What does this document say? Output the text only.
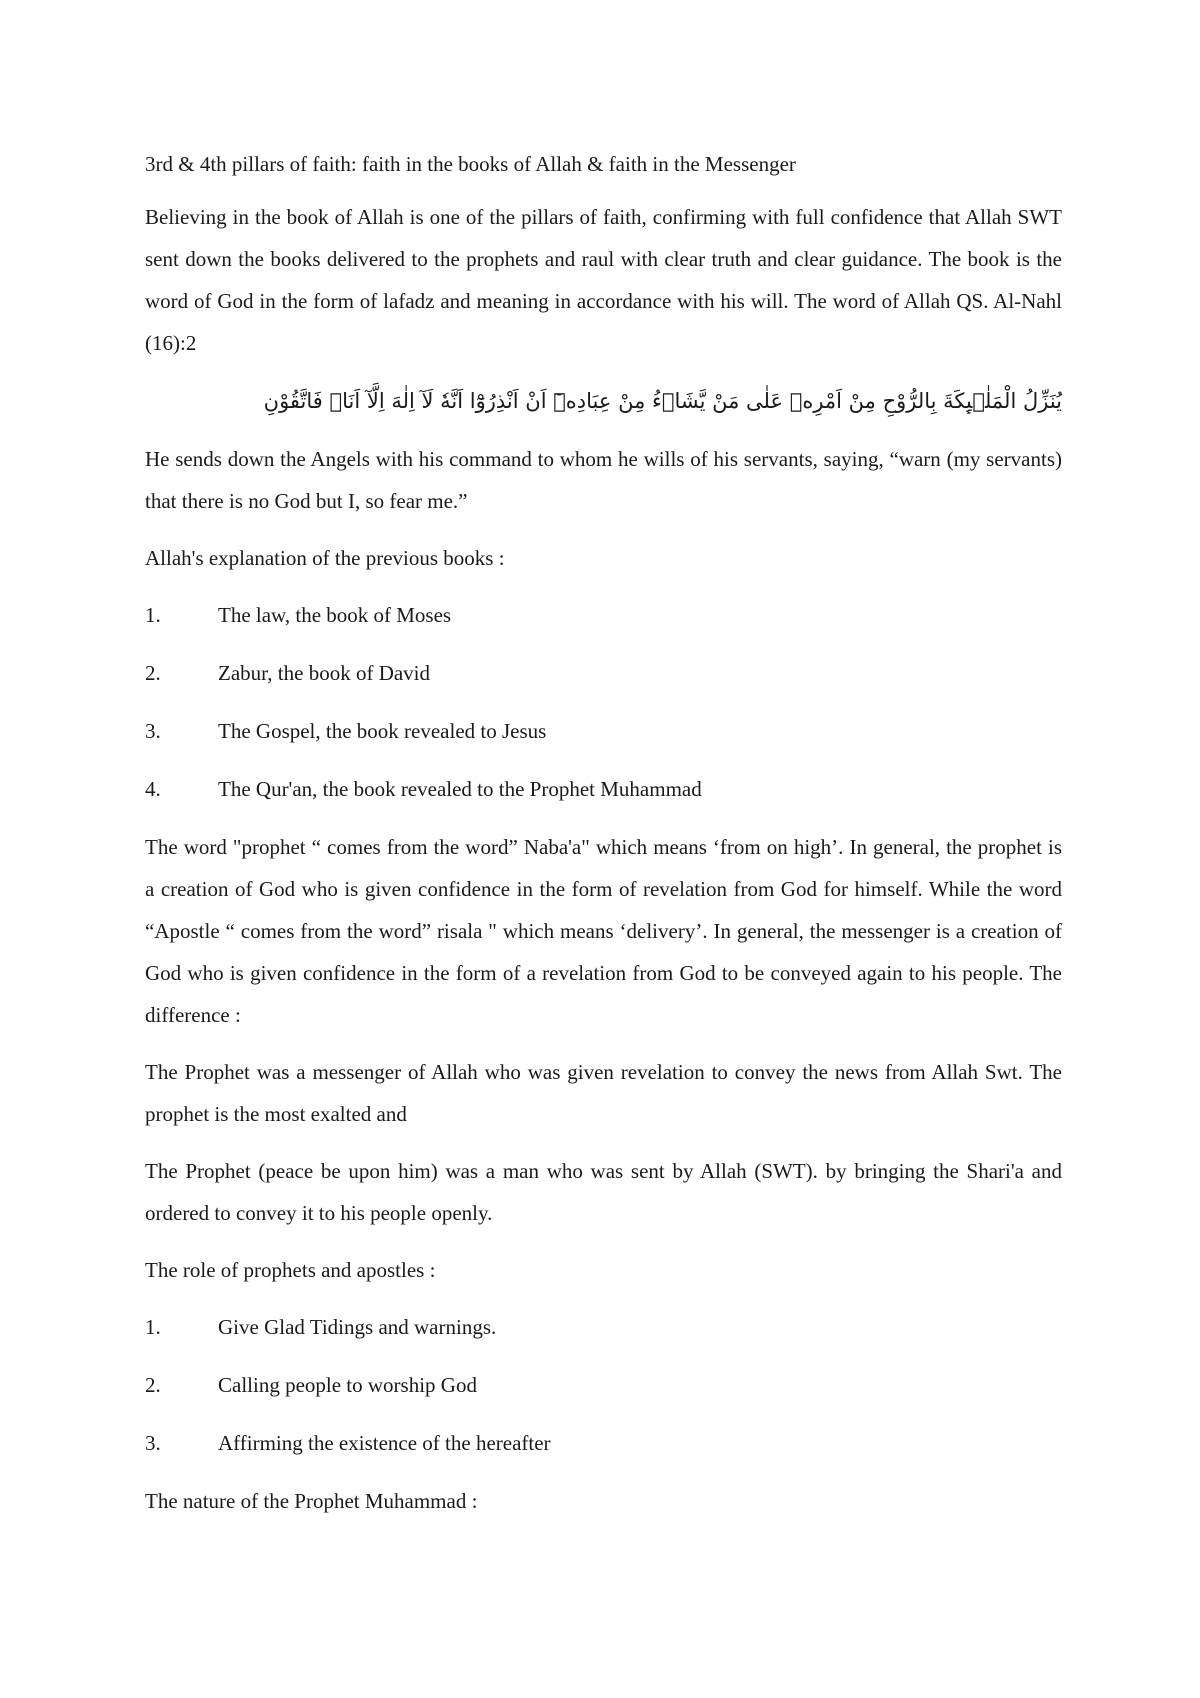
3rd & 4th pillars of faith: faith in the books of Allah & faith in the Messenger

Believing in the book of Allah is one of the pillars of faith, confirming with full confidence that Allah SWT sent down the books delivered to the prophets and raul with clear truth and clear guidance. The book is the word of God in the form of lafadz and meaning in accordance with his will. The word of Allah QS. Al-Nahl (16):2

يُنَزِّلُ الْمَلٰۤىِٕكَةَ بِالرُّوْحِ مِنْ اَمْرِهٖ عَلٰى مَنْ يَّشَاۤءُ مِنْ عِبَادِهٖٓ اَنْ اَنْذِرُوْٓا اَنَّهٗ لَآ اِلٰهَ اِلَّآ اَنَا۠ فَاتَّقُوْنِ

He sends down the Angels with his command to whom he wills of his servants, saying, “warn (my servants) that there is no God but I, so fear me.”

Allah's explanation of the previous books :

1.	The law, the book of Moses
2.	Zabur, the book of David
3.	The Gospel, the book revealed to Jesus
4.	The Qur'an, the book revealed to the Prophet Muhammad

The word "prophet “ comes from the word” Naba'a" which means ‘from on high’. In general, the prophet is a creation of God who is given confidence in the form of revelation from God for himself. While the word “Apostle “ comes from the word” risala " which means ‘delivery’. In general, the messenger is a creation of God who is given confidence in the form of a revelation from God to be conveyed again to his people. The difference :

The Prophet was a messenger of Allah who was given revelation to convey the news from Allah Swt. The prophet is the most exalted and

The Prophet (peace be upon him) was a man who was sent by Allah (SWT). by bringing the Shari'a and ordered to convey it to his people openly.

The role of prophets and apostles :

1.	Give Glad Tidings and warnings.
2.	Calling people to worship God
3.	Affirming the existence of the hereafter

The nature of the Prophet Muhammad :
